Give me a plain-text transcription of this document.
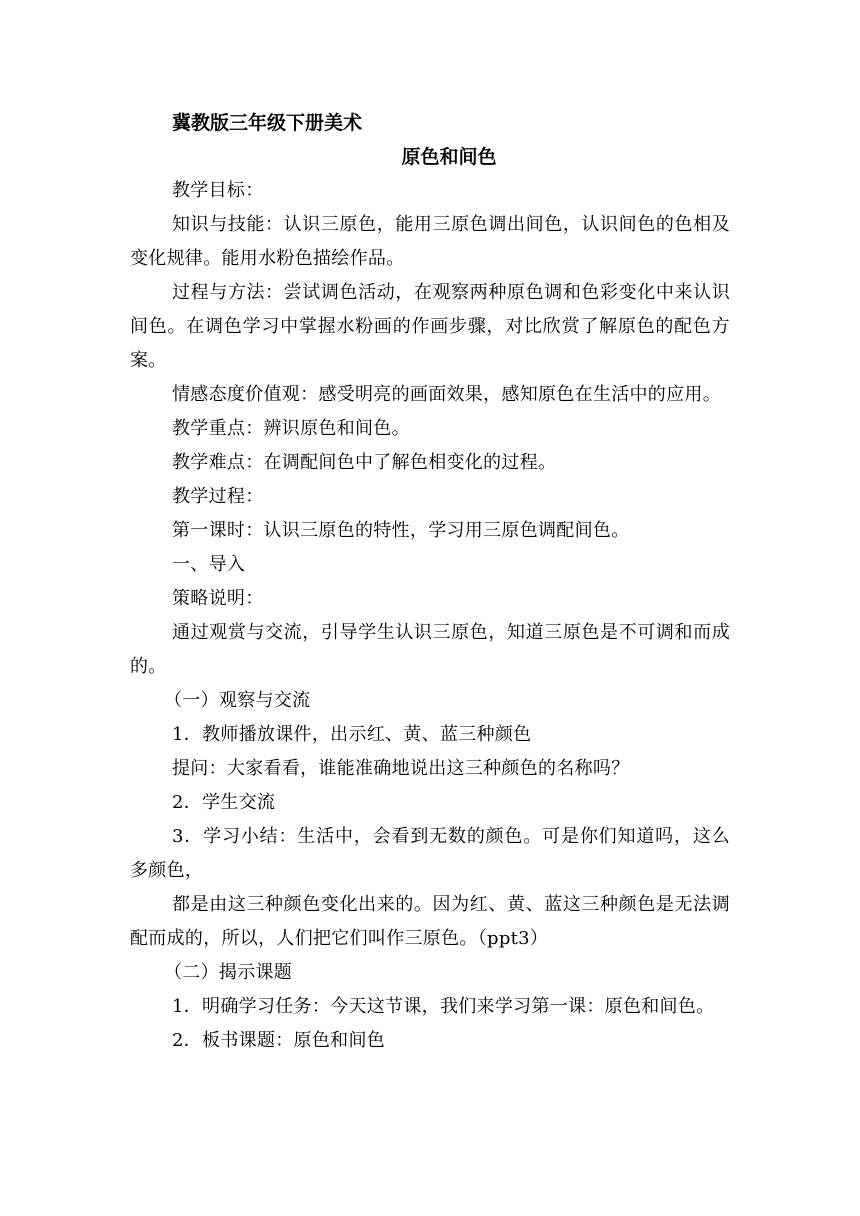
冀教版三年级下册美术
原色和间色
教学目标：
知识与技能：认识三原色，能用三原色调出间色，认识间色的色相及变化规律。能用水粉色描绘作品。
过程与方法：尝试调色活动，在观察两种原色调和色彩变化中来认识间色。在调色学习中掌握水粉画的作画步骤，对比欣赏了解原色的配色方案。
情感态度价值观：感受明亮的画面效果，感知原色在生活中的应用。
教学重点：辨识原色和间色。
教学难点：在调配间色中了解色相变化的过程。
教学过程：
第一课时：认识三原色的特性，学习用三原色调配间色。
一、导入
策略说明：
通过观赏与交流，引导学生认识三原色，知道三原色是不可调和而成的。
（一）观察与交流
1．教师播放课件，出示红、黄、蓝三种颜色
提问：大家看看，谁能准确地说出这三种颜色的名称吗？
2．学生交流
3．学习小结：生活中，会看到无数的颜色。可是你们知道吗，这么多颜色，
都是由这三种颜色变化出来的。因为红、黄、蓝这三种颜色是无法调配而成的，所以，人们把它们叫作三原色。（ppt3）
（二）揭示课题
1．明确学习任务：今天这节课，我们来学习第一课：原色和间色。
2．板书课题：原色和间色
